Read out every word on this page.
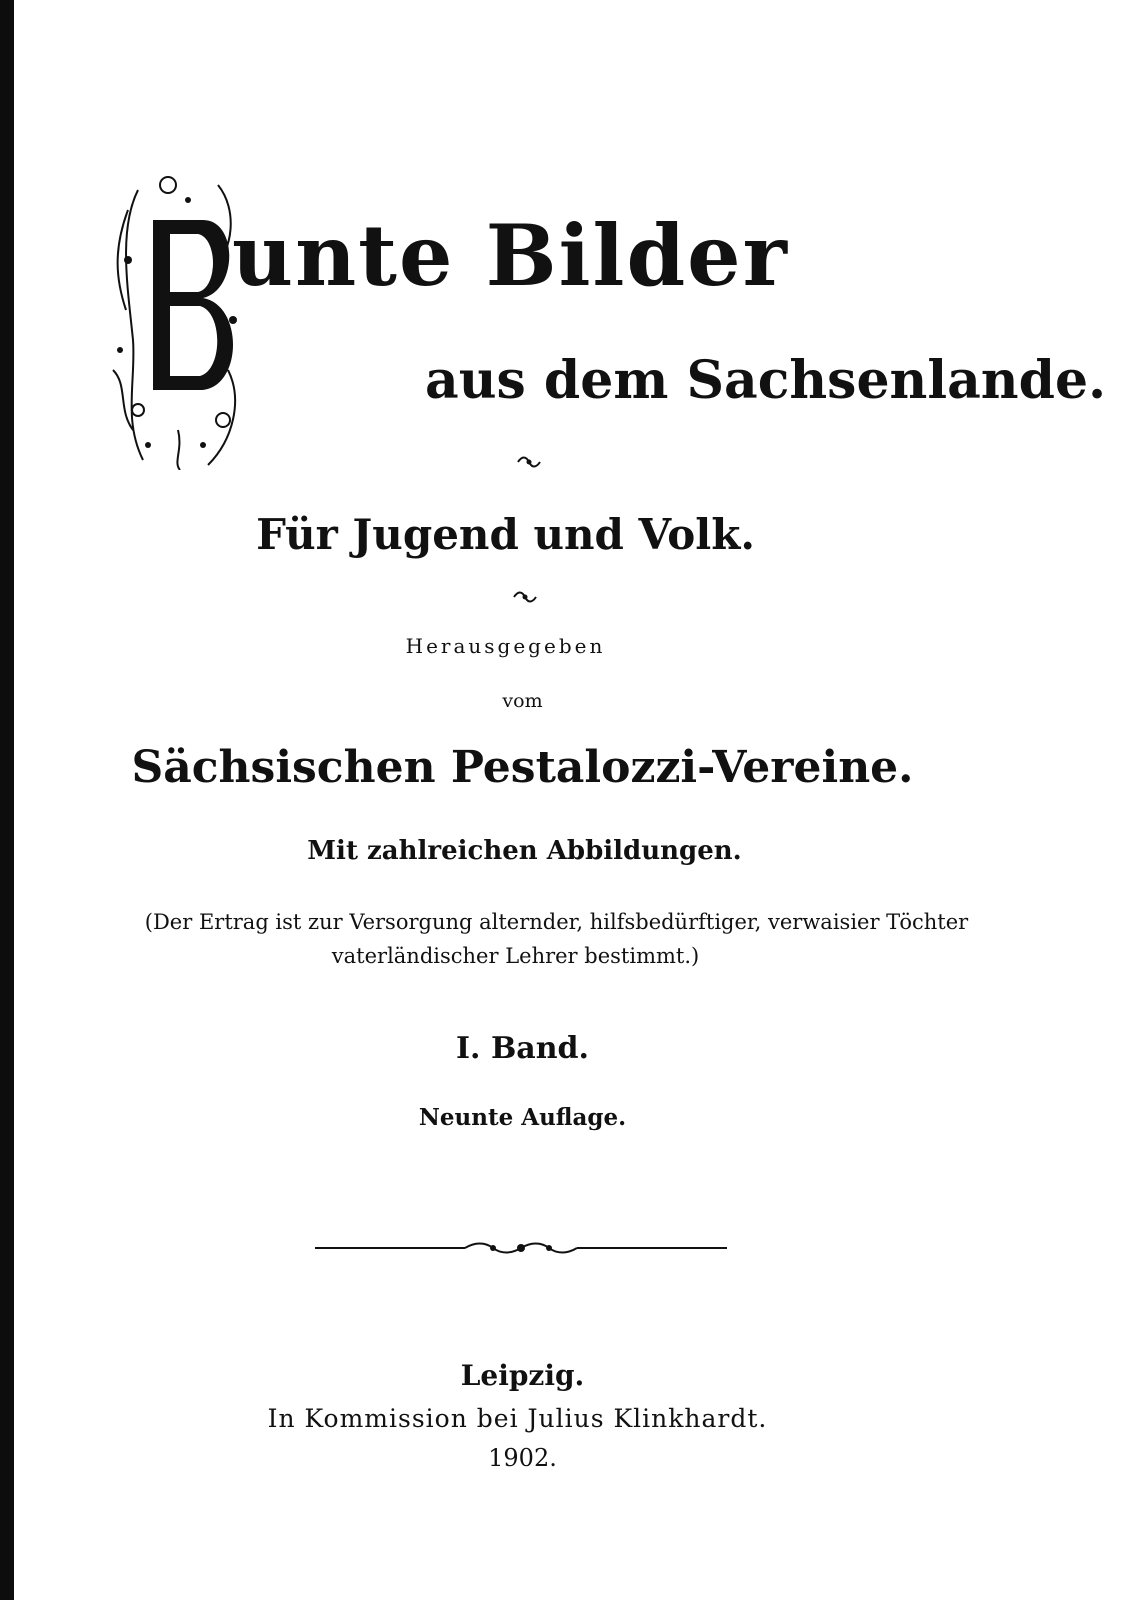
B
unte Bilder
aus dem Sachsenlande.
Für Jugend und Volk.
Herausgegeben
vom
Sächsischen Pestalozzi-Vereine.
Mit zahlreichen Abbildungen.
(Der Ertrag ist zur Versorgung alternder, hilfsbedürftiger, verwaisier Töchter
vaterländischer Lehrer bestimmt.)
I. Band.
Neunte Auflage.
Leipzig.
In Kommission bei Julius Klinkhardt.
1902.
